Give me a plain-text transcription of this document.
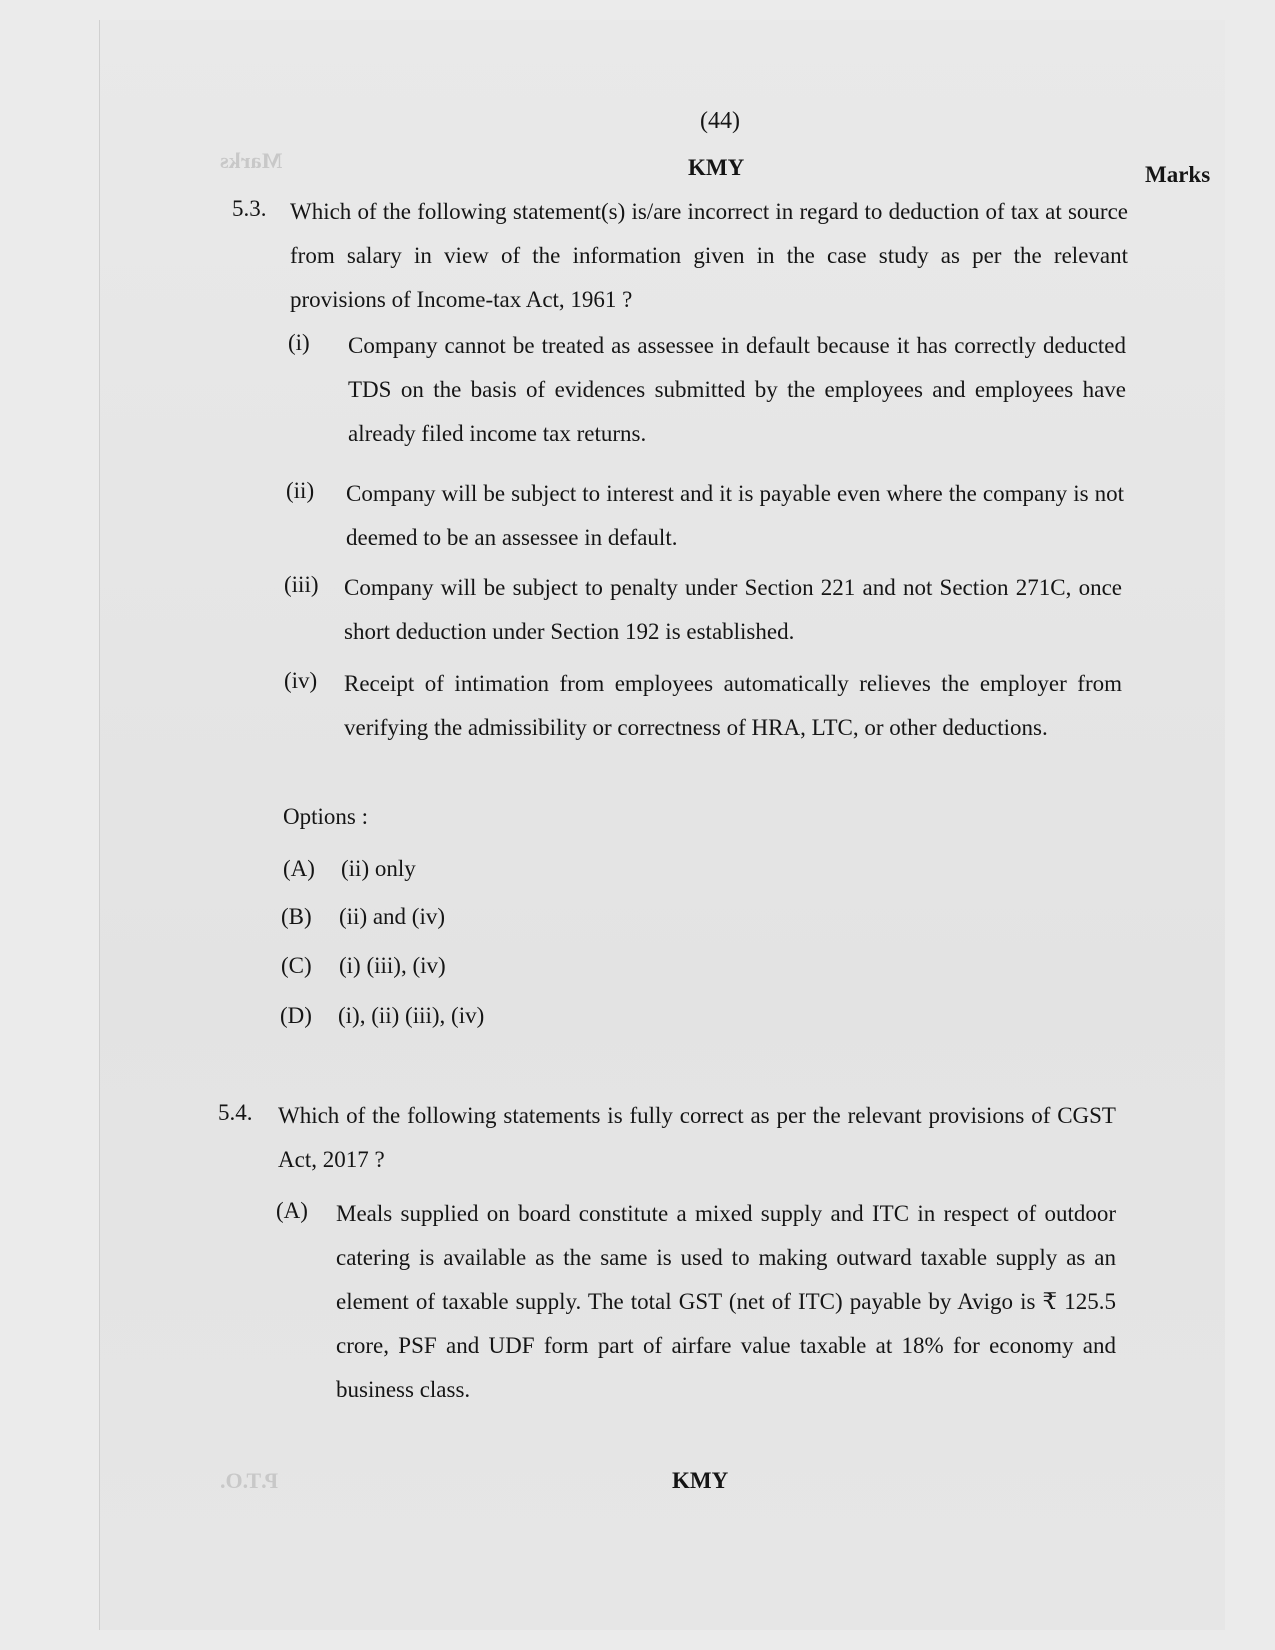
Marks
P.T.O.
(44)
KMY	Marks
5.3. Which of the following statement(s) is/are incorrect in regard to deduction of tax at source from salary in view of the information given in the case study as per the relevant provisions of Income-tax Act, 1961 ?
(i) Company cannot be treated as assessee in default because it has correctly deducted TDS on the basis of evidences submitted by the employees and employees have already filed income tax returns.
(ii) Company will be subject to interest and it is payable even where the company is not deemed to be an assessee in default.
(iii) Company will be subject to penalty under Section 221 and not Section 271C, once short deduction under Section 192 is established.
(iv) Receipt of intimation from employees automatically relieves the employer from verifying the admissibility or correctness of HRA, LTC, or other deductions.
Options :
(A) (ii) only
(B) (ii) and (iv)
(C) (i) (iii), (iv)
(D) (i), (ii) (iii), (iv)
5.4. Which of the following statements is fully correct as per the relevant provisions of CGST Act, 2017 ?
(A) Meals supplied on board constitute a mixed supply and ITC in respect of outdoor catering is available as the same is used to making outward taxable supply as an element of taxable supply. The total GST (net of ITC) payable by Avigo is ₹ 125.5 crore, PSF and UDF form part of airfare value taxable at 18% for economy and business class.
KMY
